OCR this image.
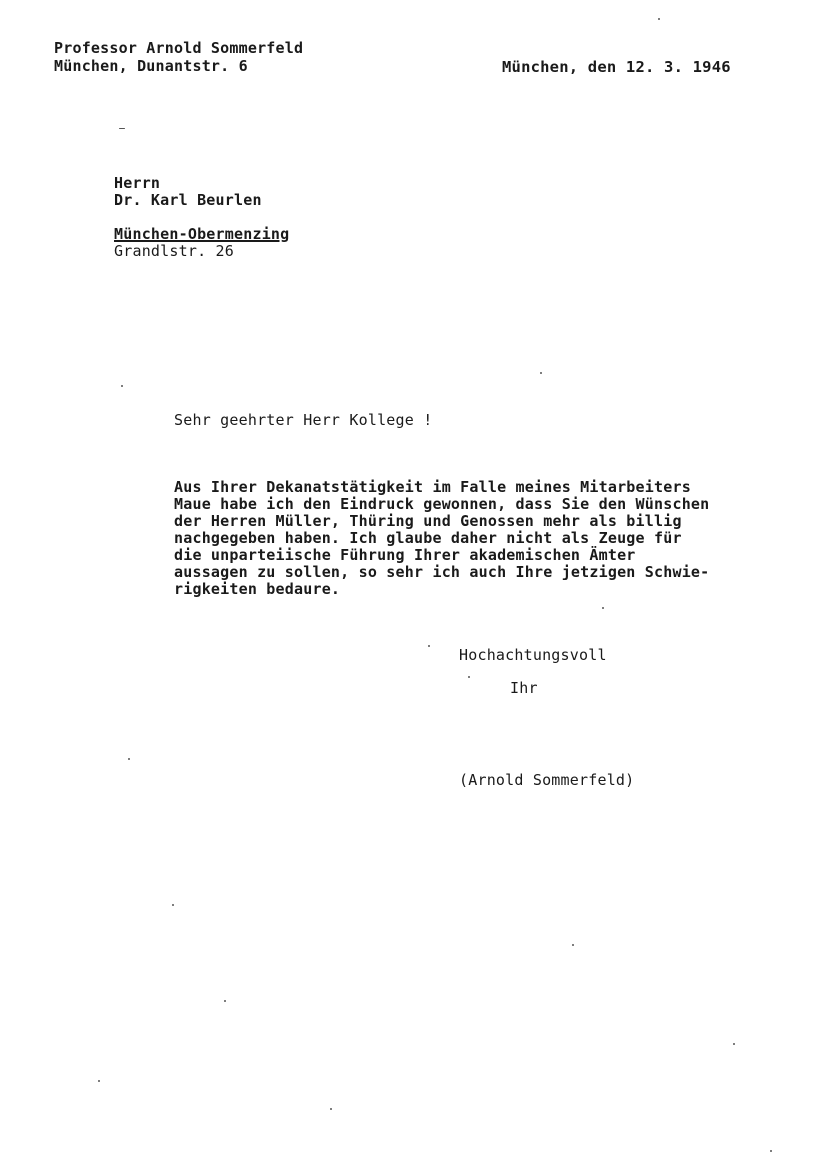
Professor Arnold Sommerfeld
München, Dunantstr. 6	München, den 12. 3. 1946
Herrn
Dr. Karl Beurlen
München-Obermenzing
Grandlstr. 26
Sehr geehrter Herr Kollege !
Aus Ihrer Dekanatstätigkeit im Falle meines Mitarbeiters
Maue habe ich den Eindruck gewonnen, dass Sie den Wünschen
der Herren Müller, Thüring und Genossen mehr als billig
nachgegeben haben. Ich glaube daher nicht als Zeuge für
die unparteiische Führung Ihrer akademischen Ämter
aussagen zu sollen, so sehr ich auch Ihre jetzigen Schwie-
rigkeiten bedaure.
Hochachtungsvoll
Ihr
(Arnold Sommerfeld)
